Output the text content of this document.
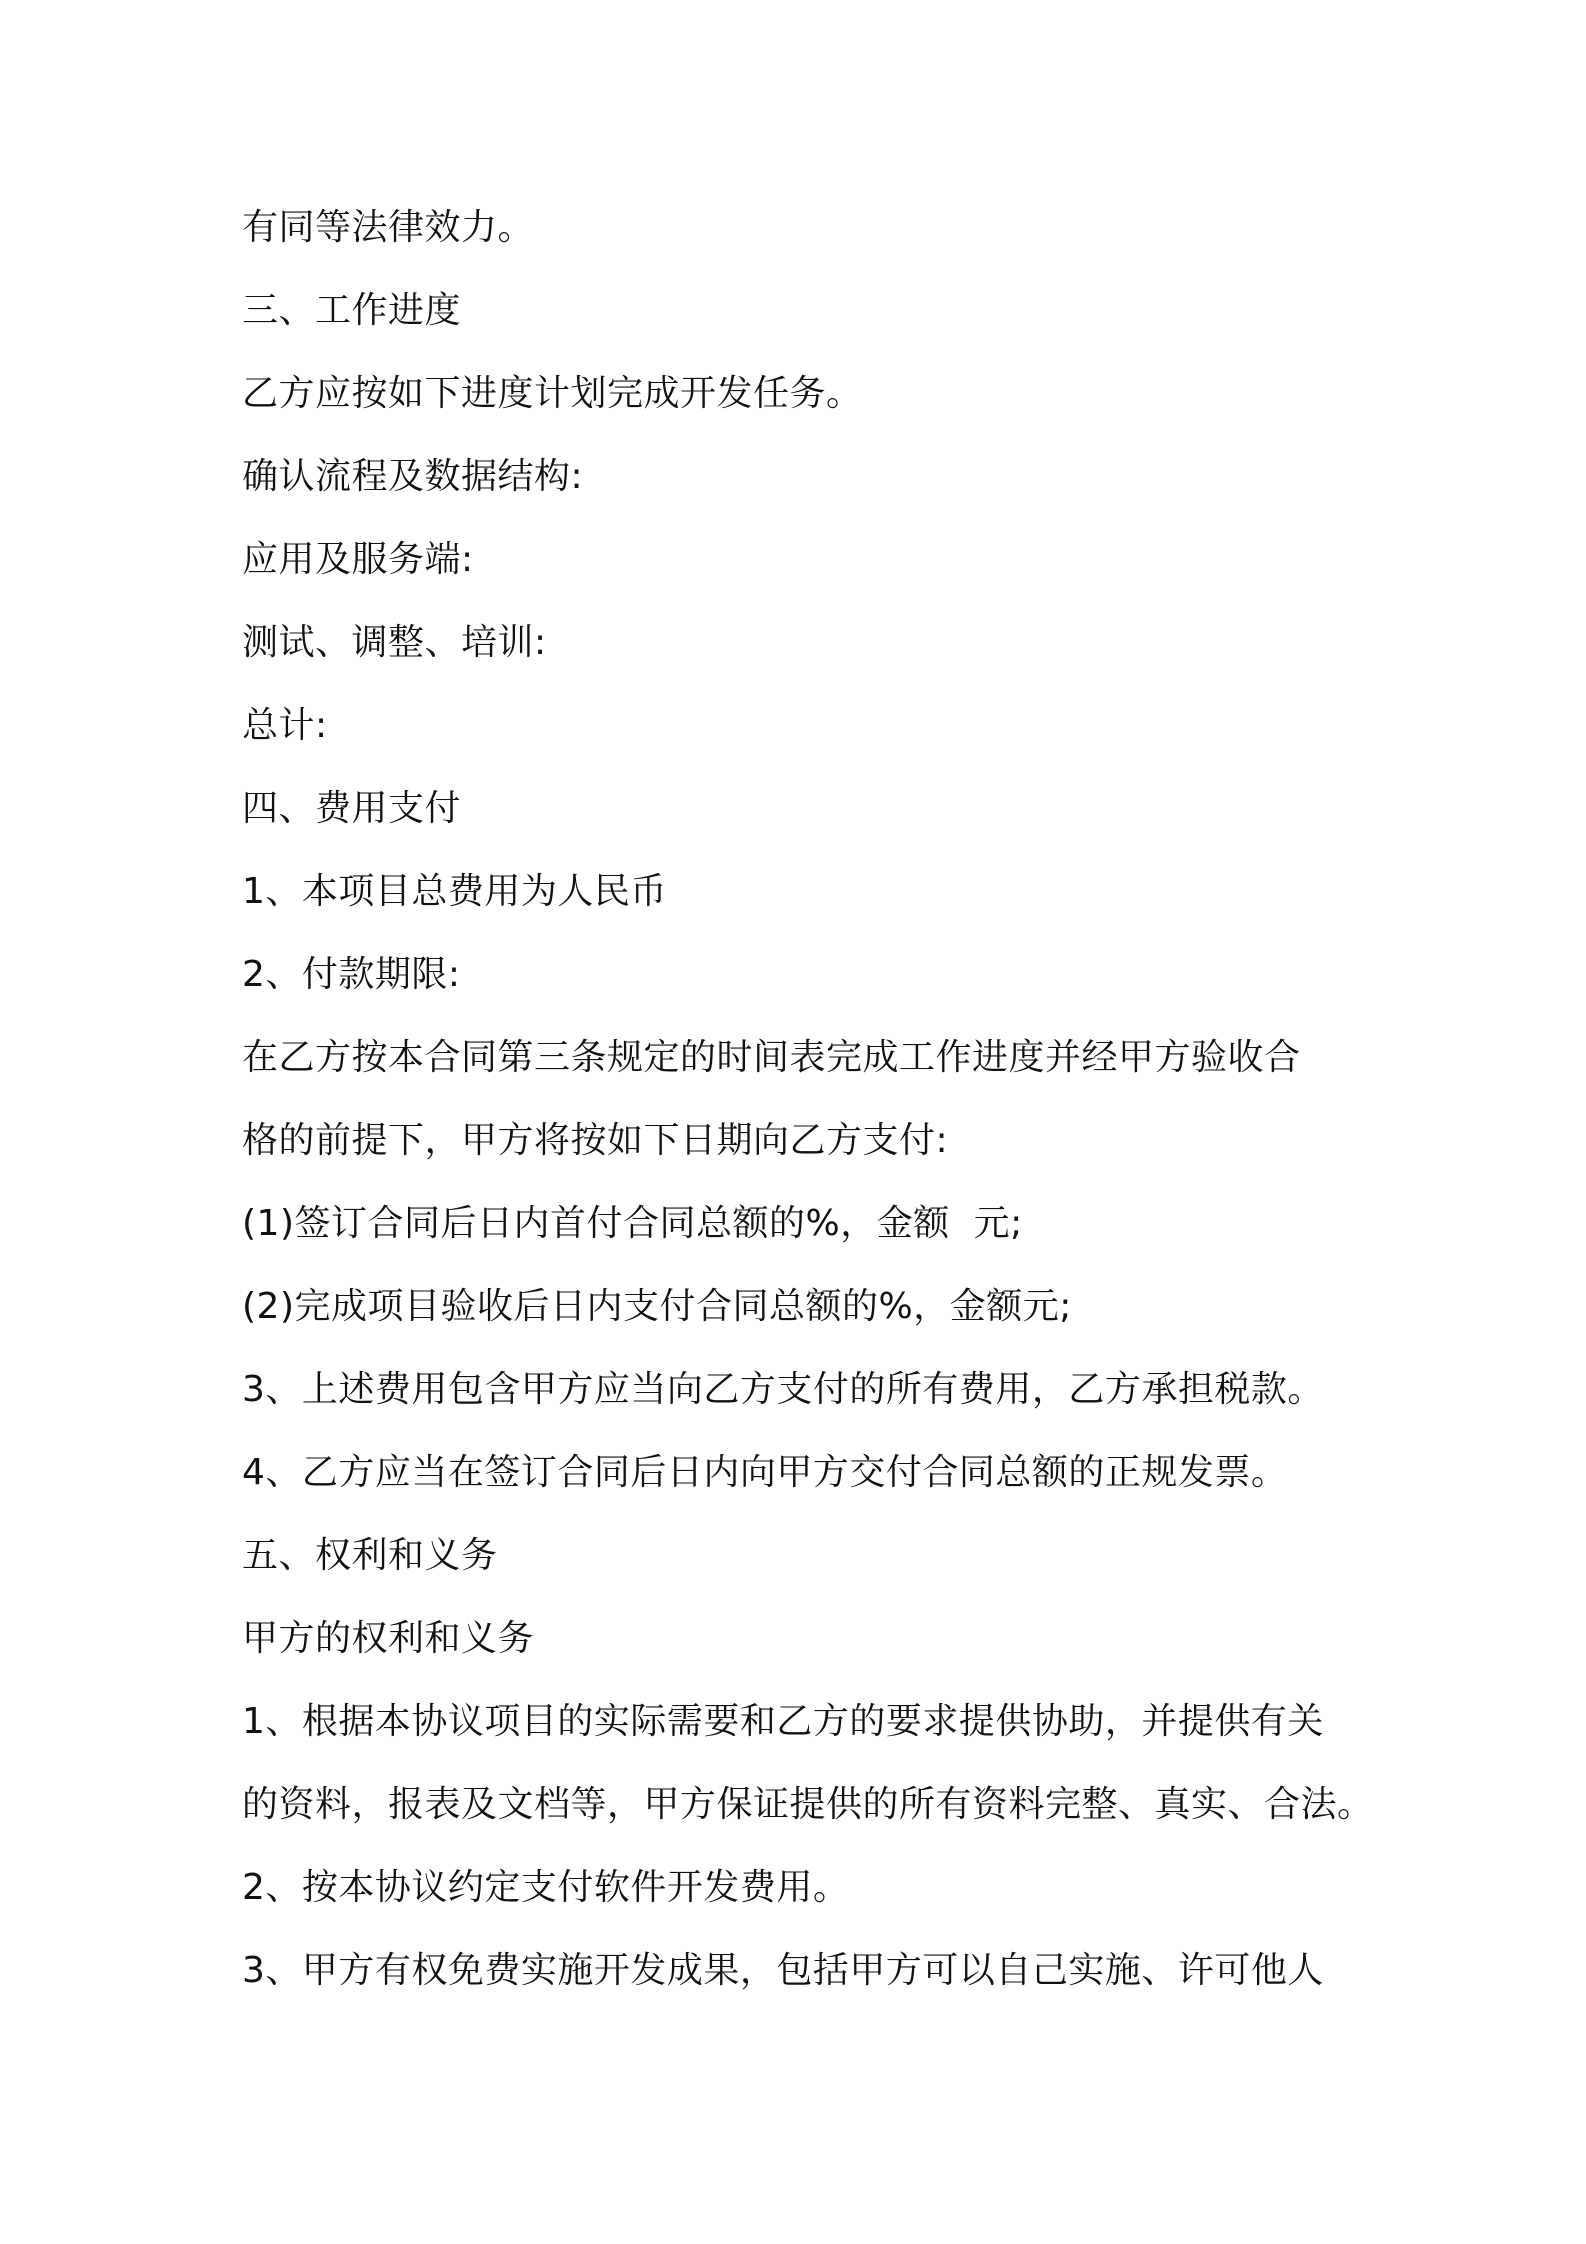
有同等法律效力。
三、工作进度
乙方应按如下进度计划完成开发任务。
确认流程及数据结构:
应用及服务端:
测试、调整、培训:
总计:
四、费用支付
1、本项目总费用为人民币
2、付款期限:
在乙方按本合同第三条规定的时间表完成工作进度并经甲方验收合
格的前提下，甲方将按如下日期向乙方支付:
(1)签订合同后日内首付合同总额的%，金额  元;
(2)完成项目验收后日内支付合同总额的%，金额元;
3、上述费用包含甲方应当向乙方支付的所有费用，乙方承担税款。
4、乙方应当在签订合同后日内向甲方交付合同总额的正规发票。
五、权利和义务
甲方的权利和义务
1、根据本协议项目的实际需要和乙方的要求提供协助，并提供有关
的资料，报表及文档等，甲方保证提供的所有资料完整、真实、合法。
2、按本协议约定支付软件开发费用。
3、甲方有权免费实施开发成果，包括甲方可以自己实施、许可他人
